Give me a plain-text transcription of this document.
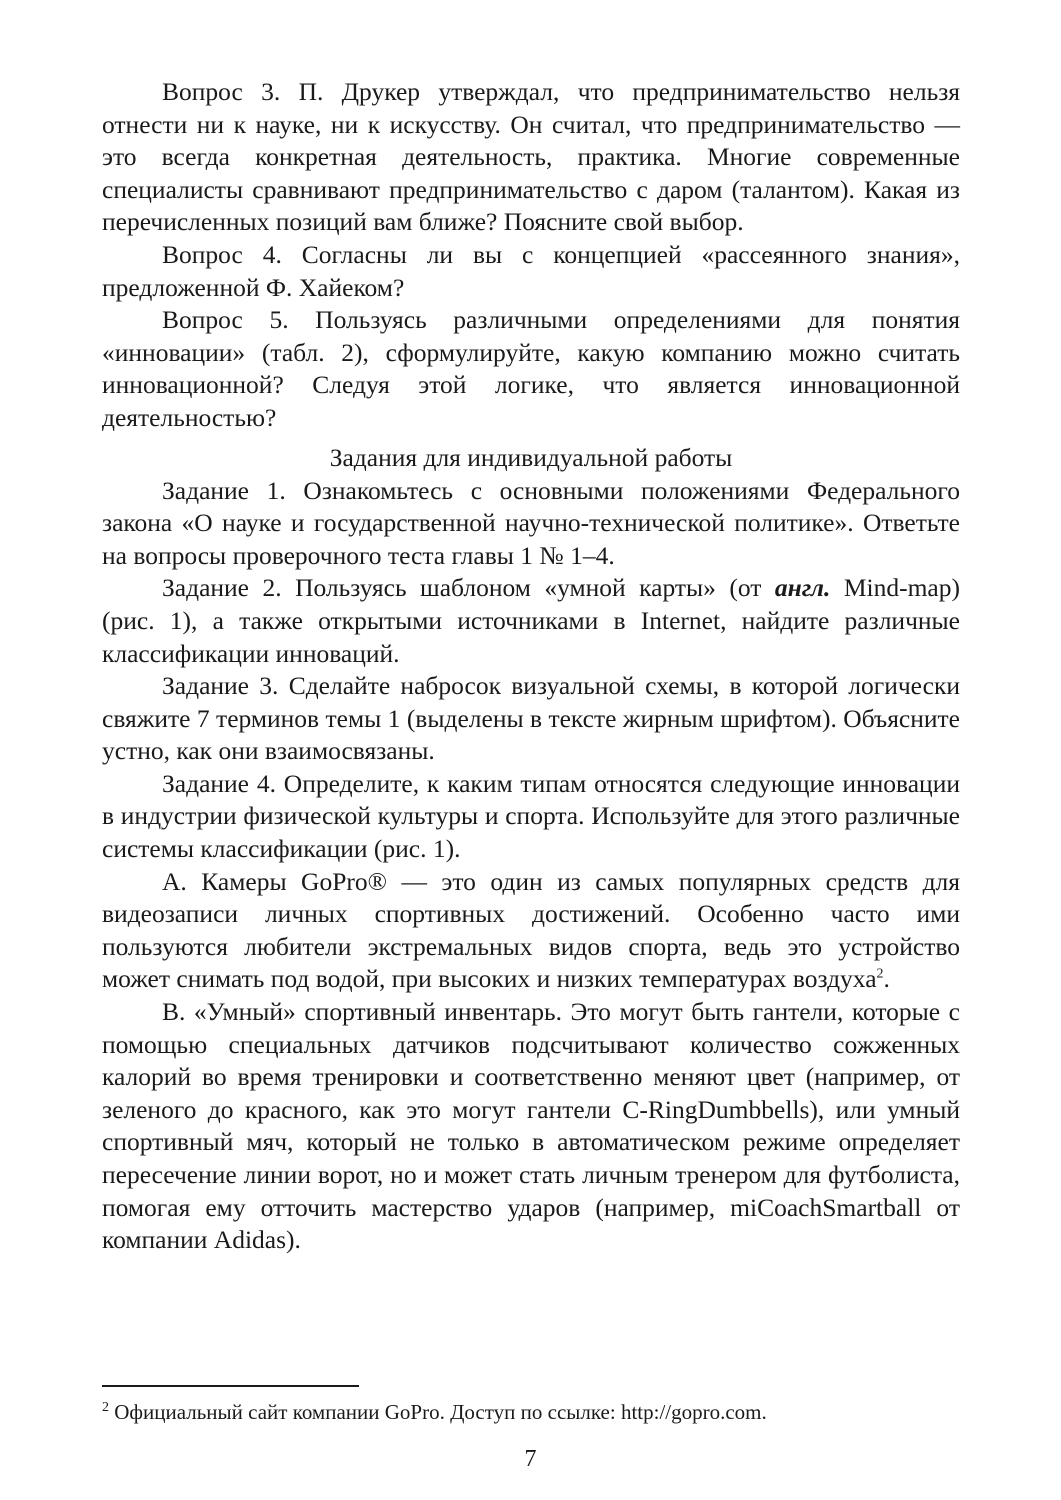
Вопрос 3. П. Друкер утверждал, что предпринимательство нельзя отнести ни к науке, ни к искусству. Он считал, что предпринимательство — это всегда конкретная деятельность, практика. Многие современные специалисты сравнивают предпринимательство с даром (талантом). Какая из перечисленных позиций вам ближе? Поясните свой выбор.

Вопрос 4. Согласны ли вы с концепцией «рассеянного знания», предложенной Ф. Хайеком?

Вопрос 5. Пользуясь различными определениями для понятия «инновации» (табл. 2), сформулируйте, какую компанию можно считать инновационной? Следуя этой логике, что является инновационной деятельностью?

Задания для индивидуальной работы

Задание 1. Ознакомьтесь с основными положениями Федерального закона «О науке и государственной научно-технической политике». Ответьте на вопросы проверочного теста главы 1 № 1–4.

Задание 2. Пользуясь шаблоном «умной карты» (от англ. Mind-map) (рис. 1), а также открытыми источниками в Internet, найдите различные классификации инноваций.

Задание 3. Сделайте набросок визуальной схемы, в которой логически свяжите 7 терминов темы 1 (выделены в тексте жирным шрифтом). Объясните устно, как они взаимосвязаны.

Задание 4. Определите, к каким типам относятся следующие инновации в индустрии физической культуры и спорта. Используйте для этого различные системы классификации (рис. 1).

А. Камеры GoPro® — это один из самых популярных средств для видеозаписи личных спортивных достижений. Особенно часто ими пользуются любители экстремальных видов спорта, ведь это устройство может снимать под водой, при высоких и низких температурах воздуха$^2$.

B. «Умный» спортивный инвентарь. Это могут быть гантели, которые с помощью специальных датчиков подсчитывают количество сожженных калорий во время тренировки и соответственно меняют цвет (например, от зеленого до красного, как это могут гантели C-RingDumbbells), или умный спортивный мяч, который не только в автоматическом режиме определяет пересечение линии ворот, но и может стать личным тренером для футболиста, помогая ему отточить мастерство ударов (например, miCoachSmartball от компании Adidas).

$^2$ Официальный сайт компании GoPro. Доступ по ссылке: http://gopro.com.
7
